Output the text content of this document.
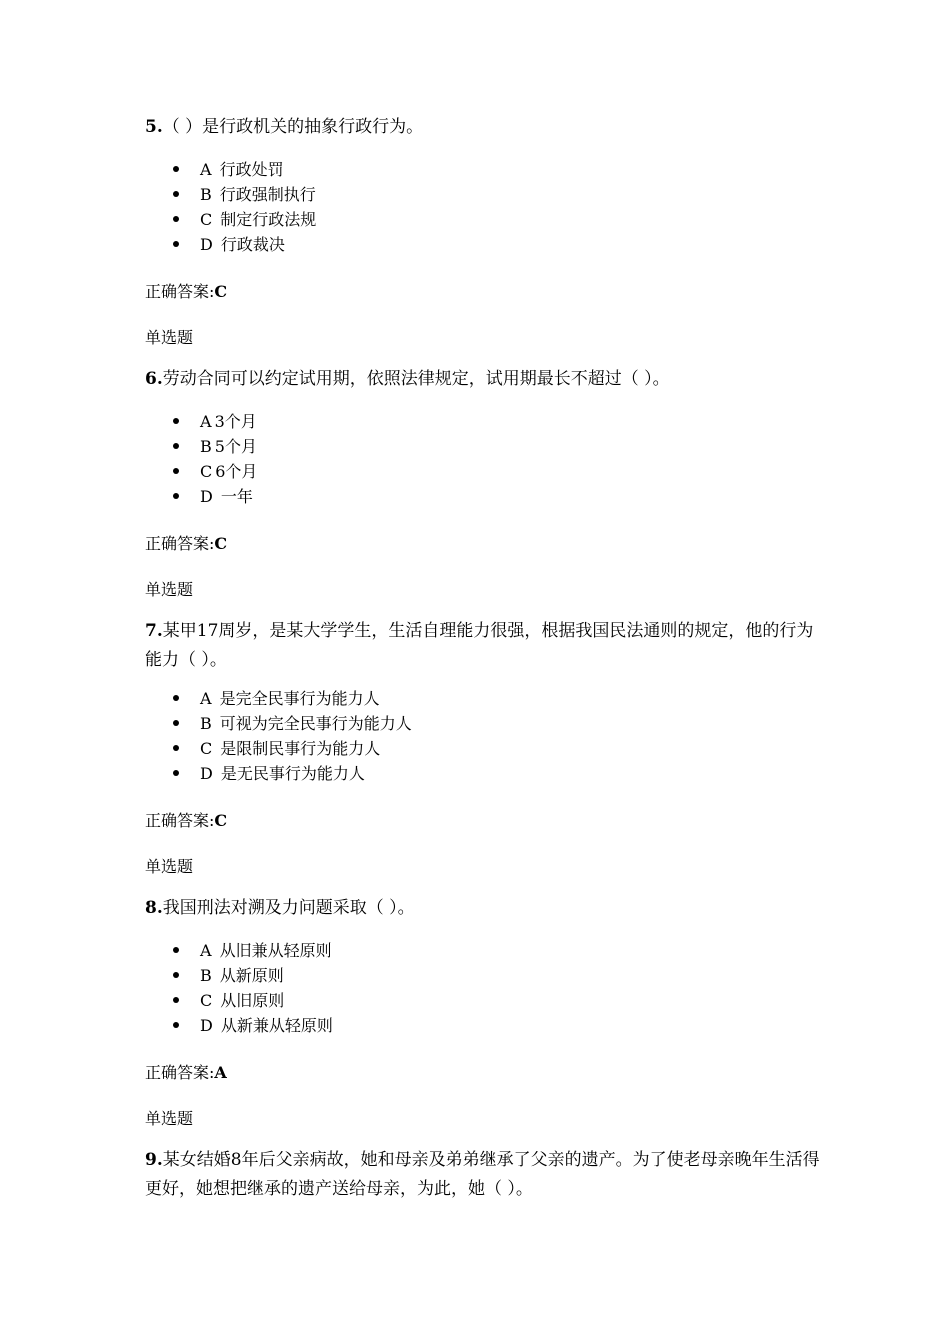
5.（ ）是行政机关的抽象行政行为。

A 行政处罚
B 行政强制执行
C 制定行政法规
D 行政裁决

正确答案:C

单选题

6.劳动合同可以约定试用期，依照法律规定，试用期最长不超过（ ）。

A 3个月
B 5个月
C 6个月
D 一年

正确答案:C

单选题

7.某甲17周岁，是某大学学生，生活自理能力很强，根据我国民法通则的规定，他的行为能力（ ）。

A 是完全民事行为能力人
B 可视为完全民事行为能力人
C 是限制民事行为能力人
D 是无民事行为能力人

正确答案:C

单选题

8.我国刑法对溯及力问题采取（ ）。

A 从旧兼从轻原则
B 从新原则
C 从旧原则
D 从新兼从轻原则

正确答案:A

单选题

9.某女结婚8年后父亲病故，她和母亲及弟弟继承了父亲的遗产。为了使老母亲晚年生活得更好，她想把继承的遗产送给母亲，为此，她（ ）。
